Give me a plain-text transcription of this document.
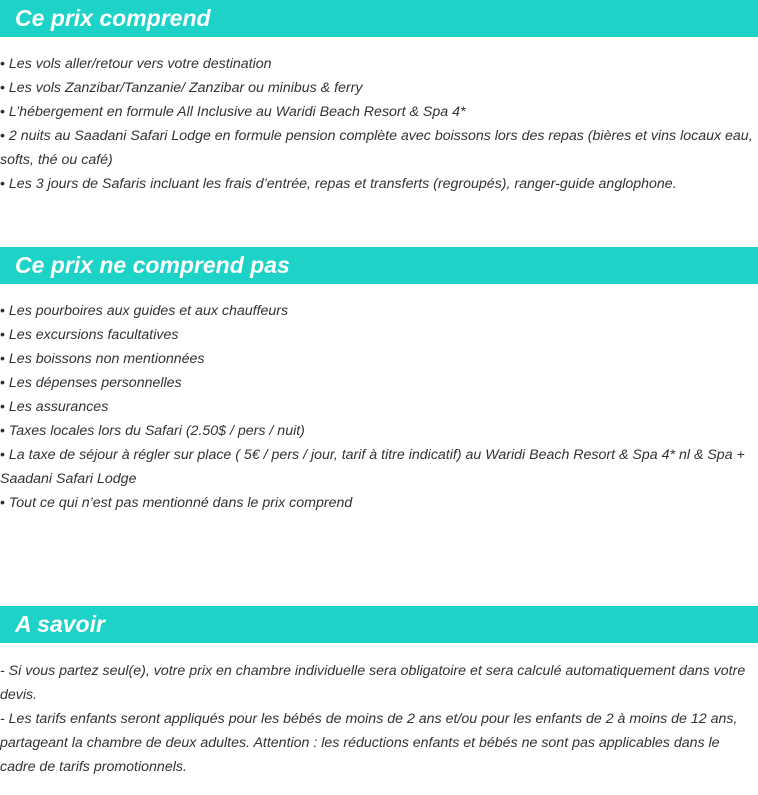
Ce prix comprend
• Les vols aller/retour vers votre destination
• Les vols Zanzibar/Tanzanie/ Zanzibar ou minibus & ferry
• L’hébergement en formule All Inclusive au Waridi Beach Resort & Spa 4*
• 2 nuits au Saadani Safari Lodge en formule pension complète avec boissons lors des repas (bières et vins locaux eau, softs, thé ou café)
• Les 3 jours de Safaris incluant les frais d’entrée, repas et transferts (regroupés), ranger-guide anglophone.
Ce prix ne comprend pas
• Les pourboires aux guides et aux chauffeurs
• Les excursions facultatives
• Les boissons non mentionnées
• Les dépenses personnelles
• Les assurances
• Taxes locales lors du Safari (2.50$ / pers / nuit)
• La taxe de séjour à régler sur place ( 5€ / pers / jour, tarif à titre indicatif) au Waridi Beach Resort & Spa 4* nl & Spa + Saadani Safari Lodge
• Tout ce qui n’est pas mentionné dans le prix comprend
A savoir
- Si vous partez seul(e), votre prix en chambre individuelle sera obligatoire et sera calculé automatiquement dans votre devis.
- Les tarifs enfants seront appliqués pour les bébés de moins de 2 ans et/ou pour les enfants de 2 à moins de 12 ans, partageant la chambre de deux adultes. Attention : les réductions enfants et bébés ne sont pas applicables dans le cadre de tarifs promotionnels.
